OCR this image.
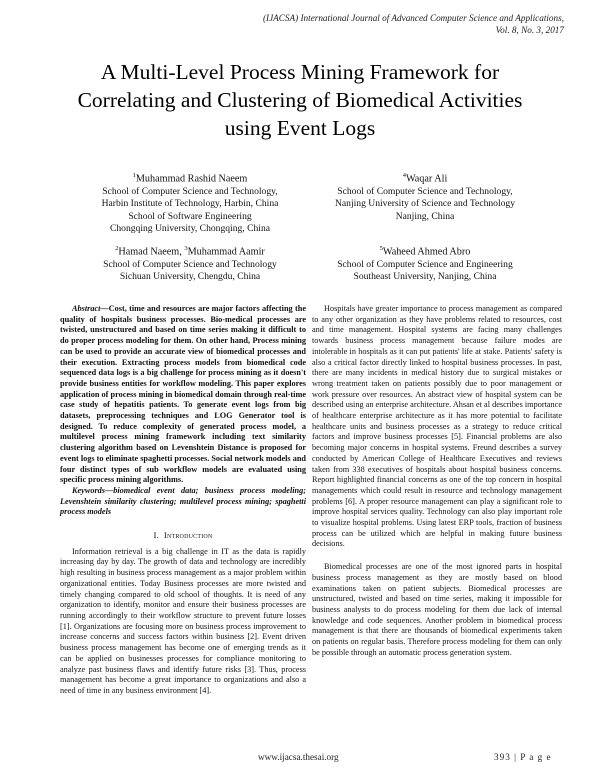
(IJACSA) International Journal of Advanced Computer Science and Applications,
Vol. 8, No. 3, 2017
A Multi-Level Process Mining Framework for
Correlating and Clustering of Biomedical Activities
using Event Logs
$^1$Muhammad Rashid Naeem
School of Computer Science and Technology,
Harbin Institute of Technology, Harbin, China
School of Software Engineering
Chongqing University, Chongqing, China
$^4$Waqar Ali
School of Computer Science and Technology,
Nanjing University of Science and Technology
Nanjing, China
$^2$Hamad Naeem, $^3$Muhammad Aamir
School of Computer Science and Technology
Sichuan University, Chengdu, China
$^5$Waheed Ahmed Abro
School of Computer Science and Engineering
Southeast University, Nanjing, China

Abstract—Cost, time and resources are major factors affecting the quality of hospitals business processes. Bio-medical processes are twisted, unstructured and based on time series making it difficult to do proper process modeling for them. On other hand, Process mining can be used to provide an accurate view of biomedical processes and their execution. Extracting process models from biomedical code sequenced data logs is a big challenge for process mining as it doesn't provide business entities for workflow modeling. This paper explores application of process mining in biomedical domain through real-time case study of hepatitis patients. To generate event logs from big datasets, preprocessing techniques and LOG Generator tool is designed. To reduce complexity of generated process model, a multilevel process mining framework including text similarity clustering algorithm based on Levenshtein Distance is proposed for event logs to eliminate spaghetti processes. Social network models and four distinct types of sub workflow models are evaluated using specific process mining algorithms.

Keywords—biomedical event data; business process modeling; Levenshtein similarity clustering; multilevel process mining; spaghetti process models

I. Introduction

Information retrieval is a big challenge in IT as the data is rapidly increasing day by day. The growth of data and technology are incredibly high resulting in business process management as a major problem within organizational entities. Today Business processes are more twisted and timely changing compared to old school of thoughts. It is need of any organization to identify, monitor and ensure their business processes are running accordingly to their workflow structure to prevent future losses [1]. Organizations are focusing more on business process improvement to increase concerns and success factors within business [2]. Event driven business process management has become one of emerging trends as it can be applied on businesses processes for compliance monitoring to analyze past business flaws and identify future risks [3]. Thus, process management has become a great importance to organizations and also a need of time in any business environment [4].

Hospitals have greater importance to process management as compared to any other organization as they have problems related to resources, cost and time management. Hospital systems are facing many challenges towards business process management because failure modes are intolerable in hospitals as it can put patients' life at stake. Patients' safety is also a critical factor directly linked to hospital business processes. In past, there are many incidents in medical history due to surgical mistakes or wrong treatment taken on patients possibly due to poor management or work pressure over resources. An abstract view of hospital system can be described using an enterprise architecture. Ahsan et al describes importance of healthcare enterprise architecture as it has more potential to facilitate healthcare units and business processes as a strategy to reduce critical factors and improve business processes [5]. Financial problems are also becoming major concerns in hospital systems. Freund describes a survey conducted by American College of Healthcare Executives and reviews taken from 338 executives of hospitals about hospital business concerns. Report highlighted financial concerns as one of the top concern in hospital managements which could result in resource and technology management problems [6]. A proper resource management can play a significant role to improve hospital services quality. Technology can also play important role to visualize hospital problems. Using latest ERP tools, fraction of business process can be utilized which are helpful in making future business decisions.

Biomedical processes are one of the most ignored parts in hospital business process management as they are mostly based on blood examinations taken on patient subjects. Biomedical processes are unstructured, twisted and based on time series, making it impossible for business analysts to do process modeling for them due lack of internal knowledge and code sequences. Another problem in biomedical process management is that there are thousands of biomedical experiments taken on patients on regular basis. Therefore process modeling for them can only be possible through an automatic process generation system.

www.ijacsa.thesai.org	393 | P a g e
